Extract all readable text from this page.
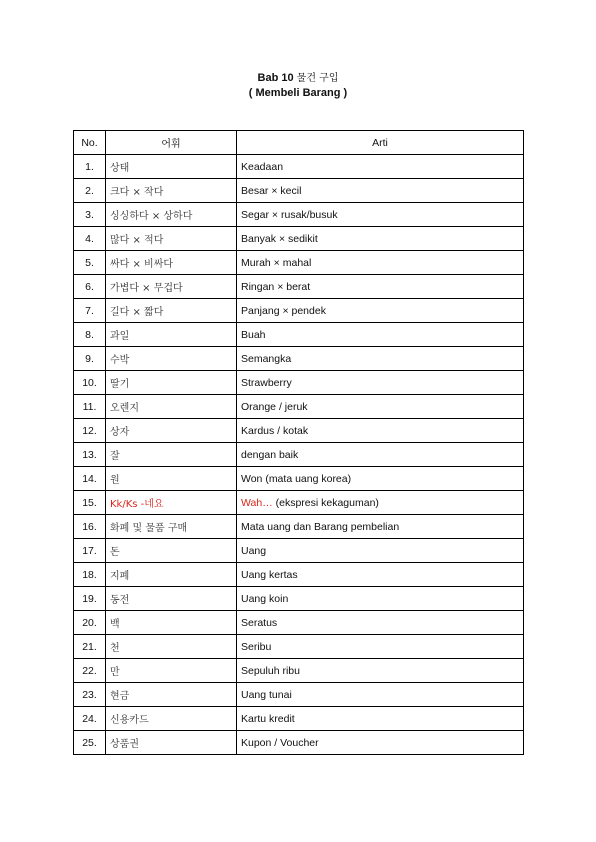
Bab 10 물건 구입
( Membeli Barang )
No.	어휘	Arti
1.	상태	Keadaan
2.	크다 × 작다	Besar × kecil
3.	싱싱하다 × 상하다	Segar × rusak/busuk
4.	많다 × 적다	Banyak × sedikit
5.	싸다 × 비싸다	Murah × mahal
6.	가볍다 × 무겁다	Ringan × berat
7.	길다 × 짧다	Panjang × pendek
8.	과일	Buah
9.	수박	Semangka
10.	딸기	Strawberry
11.	오렌지	Orange / jeruk
12.	상자	Kardus / kotak
13.	잘	dengan baik
14.	원	Won (mata uang korea)
15.	Kk/Ks -네요	Wah… (ekspresi kekaguman)
16.	화폐 및 물품 구매	Mata uang dan Barang pembelian
17.	돈	Uang
18.	지폐	Uang kertas
19.	동전	Uang koin
20.	백	Seratus
21.	천	Seribu
22.	만	Sepuluh ribu
23.	현금	Uang tunai
24.	신용카드	Kartu kredit
25.	상품권	Kupon / Voucher
